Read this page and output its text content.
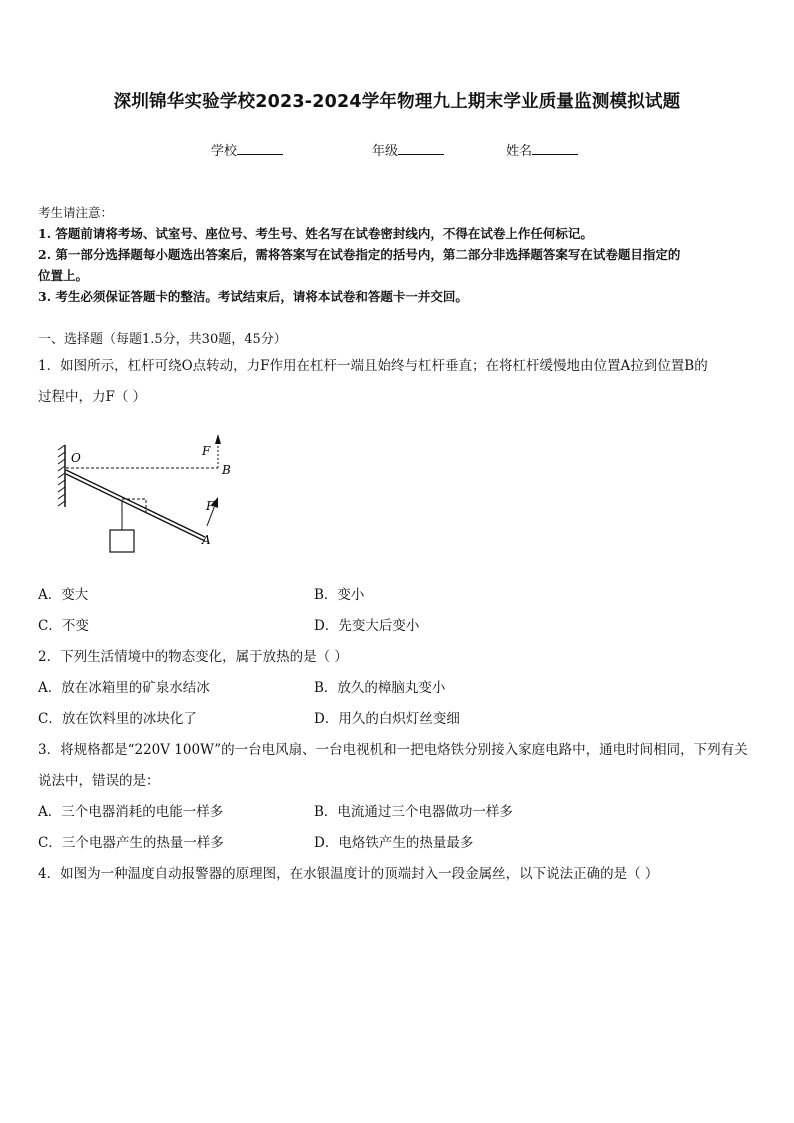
深圳锦华实验学校2023-2024学年物理九上期末学业质量监测模拟试题
学校	年级	姓名
考生请注意：
1. 答题前请将考场、试室号、座位号、考生号、姓名写在试卷密封线内，不得在试卷上作任何标记。
2. 第一部分选择题每小题选出答案后，需将答案写在试卷指定的括号内，第二部分非选择题答案写在试卷题目指定的
位置上。
3. 考生必须保证答题卡的整洁。考试结束后，请将本试卷和答题卡一并交回。
一、选择题（每题1.5分，共30题，45分）
1．如图所示，杠杆可绕O点转动，力F作用在杠杆一端且始终与杠杆垂直；在将杠杆缓慢地由位置A拉到位置B的
过程中，力F（ ）
O
B
A
F
F
A．变大	B．变小
C．不变	D．先变大后变小
2．下列生活情境中的物态变化，属于放热的是（ ）
A．放在冰箱里的矿泉水结冰	B．放久的樟脑丸变小
C．放在饮料里的冰块化了	D．用久的白炽灯丝变细
3．将规格都是“220V 100W”的一台电风扇、一台电视机和一把电烙铁分别接入家庭电路中，通电时间相同，下列有关
说法中，错误的是：
A．三个电器消耗的电能一样多	B．电流通过三个电器做功一样多
C．三个电器产生的热量一样多	D．电烙铁产生的热量最多
4．如图为一种温度自动报警器的原理图，在水银温度计的顶端封入一段金属丝，以下说法正确的是（ ）
